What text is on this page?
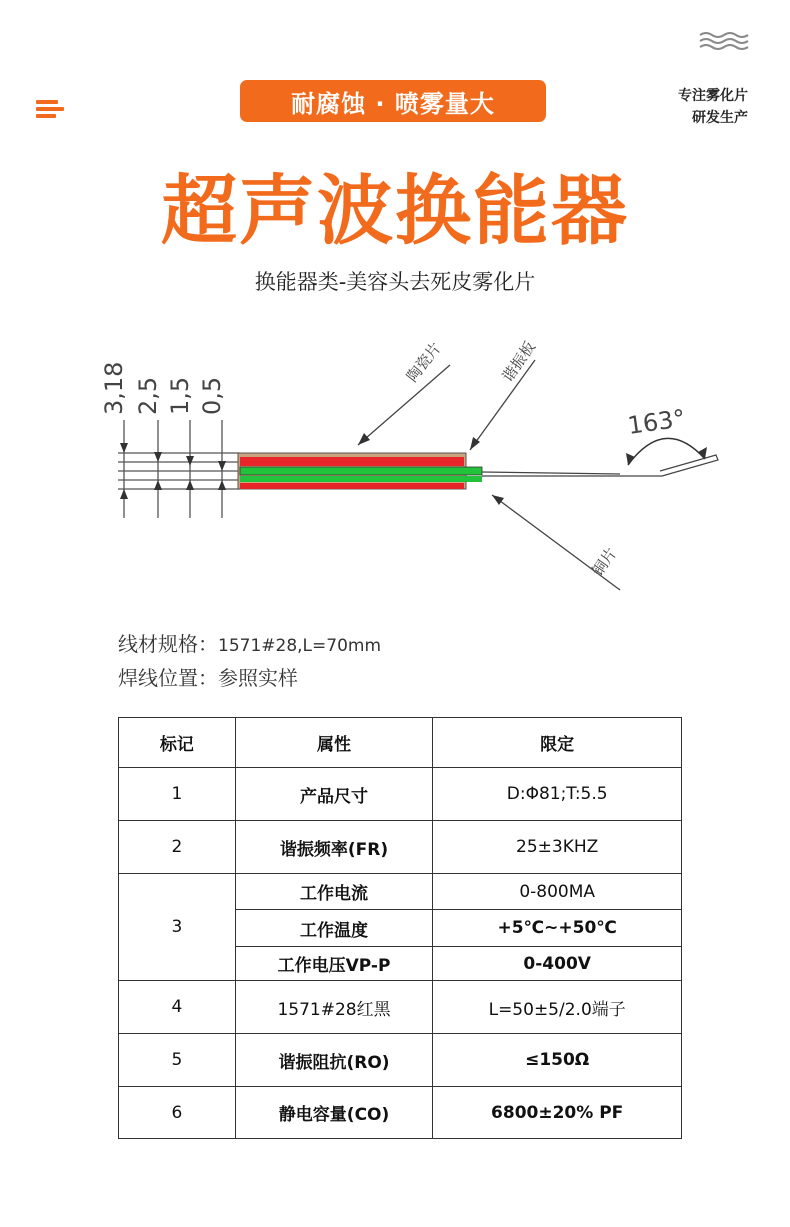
耐腐蚀 · 喷雾量大	专注雾化片
研发生产
超声波换能器
换能器类-美容头去死皮雾化片
3,18 2,5 1,5 0,5
163°
陶瓷片	谐振板
铜片
线材规格：1571#28,L=70mm
焊线位置：参照实样
标记	属性	限定
1	产品尺寸	D:Φ81;T:5.5
2	谐振频率(FR)	25±3KHZ
3	工作电流	0-800MA
	工作温度	+5℃~+50℃
	工作电压VP-P	0-400V
4	1571#28红黑	L=50±5/2.0端子
5	谐振阻抗(RO)	≤150Ω
6	静电容量(CO)	6800±20% PF
